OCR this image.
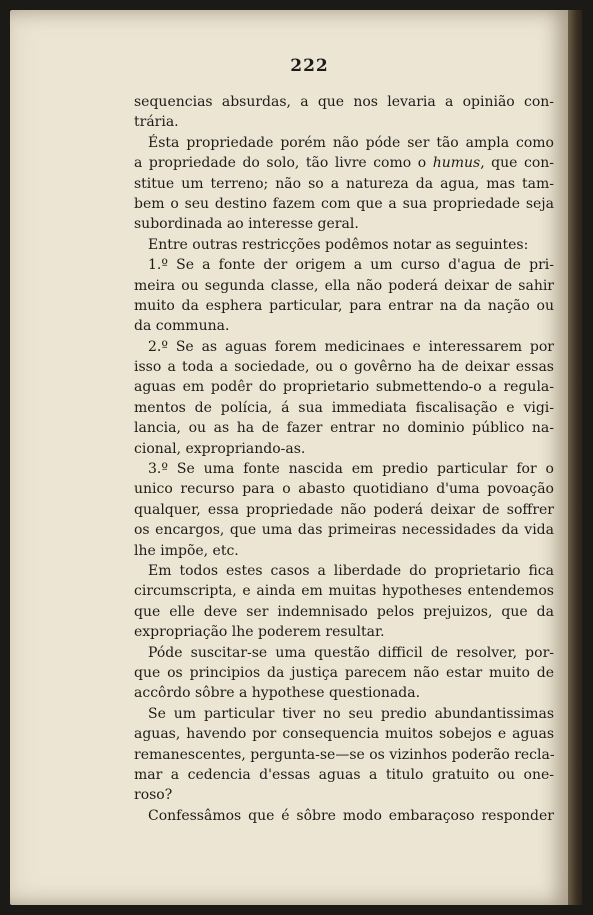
222
sequencias absurdas, a que nos levaria a opinião con-
trária.
Ésta propriedade porém não póde ser tão ampla como
a propriedade do solo, tão livre como o humus, que con-
stitue um terreno; não so a natureza da agua, mas tam-
bem o seu destino fazem com que a sua propriedade seja
subordinada ao interesse geral.
Entre outras restricções podêmos notar as seguintes:
1.º Se a fonte der origem a um curso d'agua de pri-
meira ou segunda classe, ella não poderá deixar de sahir
muito da esphera particular, para entrar na da nação ou
da communa.
2.º Se as aguas forem medicinaes e interessarem por
isso a toda a sociedade, ou o govêrno ha de deixar essas
aguas em podêr do proprietario submettendo-o a regula-
mentos de polícia, á sua immediata fiscalisação e vigi-
lancia, ou as ha de fazer entrar no dominio público na-
cional, expropriando-as.
3.º Se uma fonte nascida em predio particular for o
unico recurso para o abasto quotidiano d'uma povoação
qualquer, essa propriedade não poderá deixar de soffrer
os encargos, que uma das primeiras necessidades da vida
lhe impõe, etc.
Em todos estes casos a liberdade do proprietario fica
circumscripta, e ainda em muitas hypotheses entendemos
que elle deve ser indemnisado pelos prejuizos, que da
expropriação lhe poderem resultar.
Póde suscitar-se uma questão difficil de resolver, por-
que os principios da justiça parecem não estar muito de
accôrdo sôbre a hypothese questionada.
Se um particular tiver no seu predio abundantissimas
aguas, havendo por consequencia muitos sobejos e aguas
remanescentes, pergunta-se—se os vizinhos poderão recla-
mar a cedencia d'essas aguas a titulo gratuito ou one-
roso?
Confessâmos que é sôbre modo embaraçoso responder
